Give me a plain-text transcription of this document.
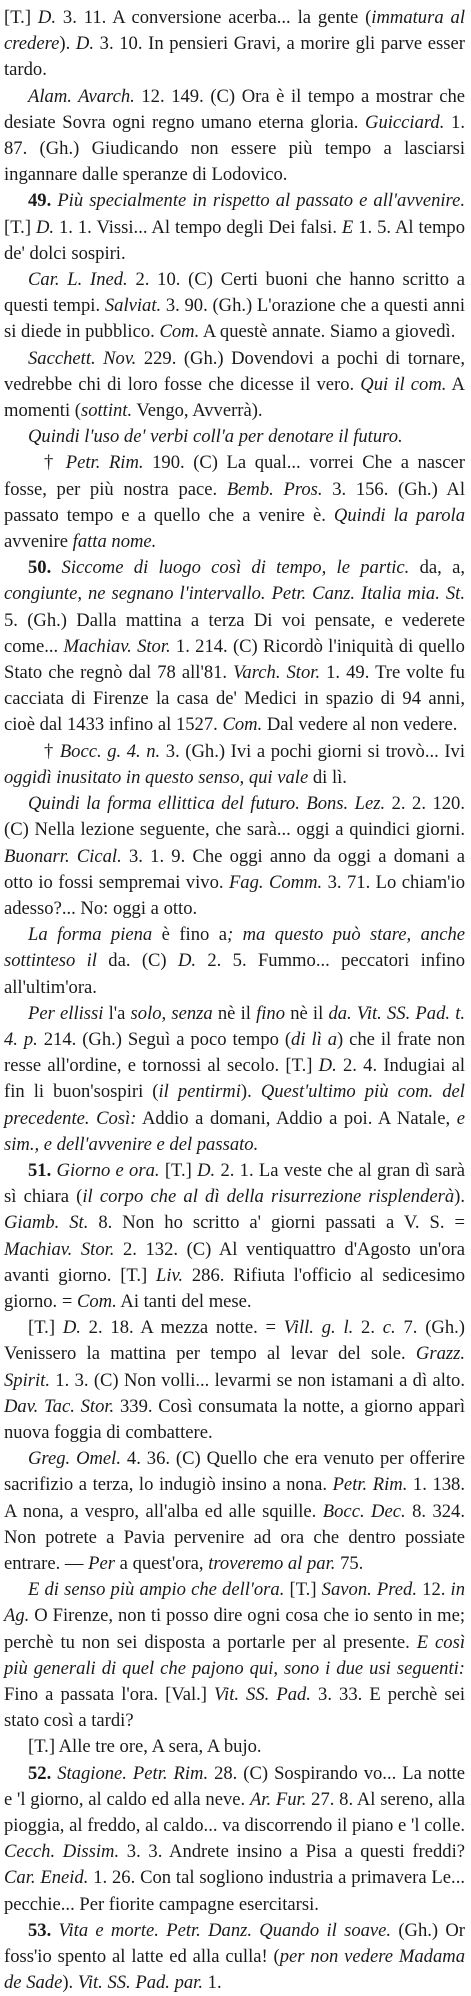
[T.] D. 3. 11. A conversione acerba... la gente (immatura al credere). D. 3. 10. In pensieri Gravi, a morire gli parve esser tardo.

Alam. Avarch. 12. 149. (C) Ora è il tempo a mostrar che desiate Sovra ogni regno umano eterna gloria. Guicciard. 1. 87. (Gh.) Giudicando non essere più tempo a lasciarsi ingannare dalle speranze di Lodovico.

49. Più specialmente in rispetto al passato e all'avvenire. [T.] D. 1. 1. Vissi... Al tempo degli Dei falsi. E 1. 5. Al tempo de' dolci sospiri.

Car. L. Ined. 2. 10. (C) Certi buoni che hanno scritto a questi tempi. Salviat. 3. 90. (Gh.) L'orazione che a questi anni si diede in pubblico. Com. A questè annate. Siamo a giovedì.

Sacchett. Nov. 229. (Gh.) Dovendovi a pochi di tornare, vedrebbe chi di loro fosse che dicesse il vero. Qui il com. A momenti (sottint. Vengo, Avverrà).

Quindi l'uso de' verbi coll'a per denotare il futuro.

† Petr. Rim. 190. (C) La qual... vorrei Che a nascer fosse, per più nostra pace. Bemb. Pros. 3. 156. (Gh.) Al passato tempo e a quello che a venire è. Quindi la parola avvenire fatta nome.

50. Siccome di luogo così di tempo, le partic. da, a, congiunte, ne segnano l'intervallo. Petr. Canz. Italia mia. St. 5. (Gh.) Dalla mattina a terza Di voi pensate, e vederete come... Machiav. Stor. 1. 214. (C) Ricordò l'iniquità di quello Stato che regnò dal 78 all'81. Varch. Stor. 1. 49. Tre volte fu cacciata di Firenze la casa de' Medici in spazio di 94 anni, cioè dal 1433 infino al 1527. Com. Dal vedere al non vedere.

† Bocc. g. 4. n. 3. (Gh.) Ivi a pochi giorni si trovò... Ivi oggidì inusitato in questo senso, qui vale di lì.

Quindi la forma ellittica del futuro. Bons. Lez. 2. 2. 120. (C) Nella lezione seguente, che sarà... oggi a quindici giorni. Buonarr. Cical. 3. 1. 9. Che oggi anno da oggi a domani a otto io fossi sempremai vivo. Fag. Comm. 3. 71. Lo chiam'io adesso?... No: oggi a otto.

La forma piena è fino a; ma questo può stare, anche sottinteso il da. (C) D. 2. 5. Fummo... peccatori infino all'ultim'ora.

Per ellissi l'a solo, senza nè il fino nè il da. Vit. SS. Pad. t. 4. p. 214. (Gh.) Seguì a poco tempo (di lì a) che il frate non resse all'ordine, e tornossi al secolo. [T.] D. 2. 4. Indugiai al fin li buon'sospiri (il pentirmi). Quest'ultimo più com. del precedente. Così: Addio a domani, Addio a poi. A Natale, e sim., e dell'avvenire e del passato.

51. Giorno e ora. [T.] D. 2. 1. La veste che al gran dì sarà sì chiara (il corpo che al dì della risurrezione risplenderà). Giamb. St. 8. Non ho scritto a' giorni passati a V. S. = Machiav. Stor. 2. 132. (C) Al ventiquattro d'Agosto un'ora avanti giorno. [T.] Liv. 286. Rifiuta l'officio al sedicesimo giorno. = Com. Ai tanti del mese.

[T.] D. 2. 18. A mezza notte. = Vill. g. l. 2. c. 7. (Gh.) Venissero la mattina per tempo al levar del sole. Grazz. Spirit. 1. 3. (C) Non volli... levarmi se non istamani a dì alto. Dav. Tac. Stor. 339. Così consumata la notte, a giorno apparì nuova foggia di combattere.

Greg. Omel. 4. 36. (C) Quello che era venuto per offerire sacrifizio a terza, lo indugiò insino a nona. Petr. Rim. 1. 138. A nona, a vespro, all'alba ed alle squille. Bocc. Dec. 8. 324. Non potrete a Pavia pervenire ad ora che dentro possiate entrare. — Per a quest'ora, troveremo al par. 75.

E di senso più ampio che dell'ora. [T.] Savon. Pred. 12. in Ag. O Firenze, non ti posso dire ogni cosa che io sento in me; perchè tu non sei disposta a portarle per al presente. E così più generali di quel che pajono qui, sono i due usi seguenti: Fino a passata l'ora. [Val.] Vit. SS. Pad. 3. 33. E perchè sei stato così a tardi?

[T.] Alle tre ore, A sera, A bujo.

52. Stagione. Petr. Rim. 28. (C) Sospirando vo... La notte e 'l giorno, al caldo ed alla neve. Ar. Fur. 27. 8. Al sereno, alla pioggia, al freddo, al caldo... va discorrendo il piano e 'l colle. Cecch. Dissim. 3. 3. Andrete insino a Pisa a questi freddi? Car. Eneid. 1. 26. Con tal sogliono industria a primavera Le... pecchie... Per fiorite campagne esercitarsi.

53. Vita e morte. Petr. Danz. Quando il soave. (Gh.) Or foss'io spento al latte ed alla culla! (per non vedere Madama de Sade). Vit. SS. Pad. par. 1.
